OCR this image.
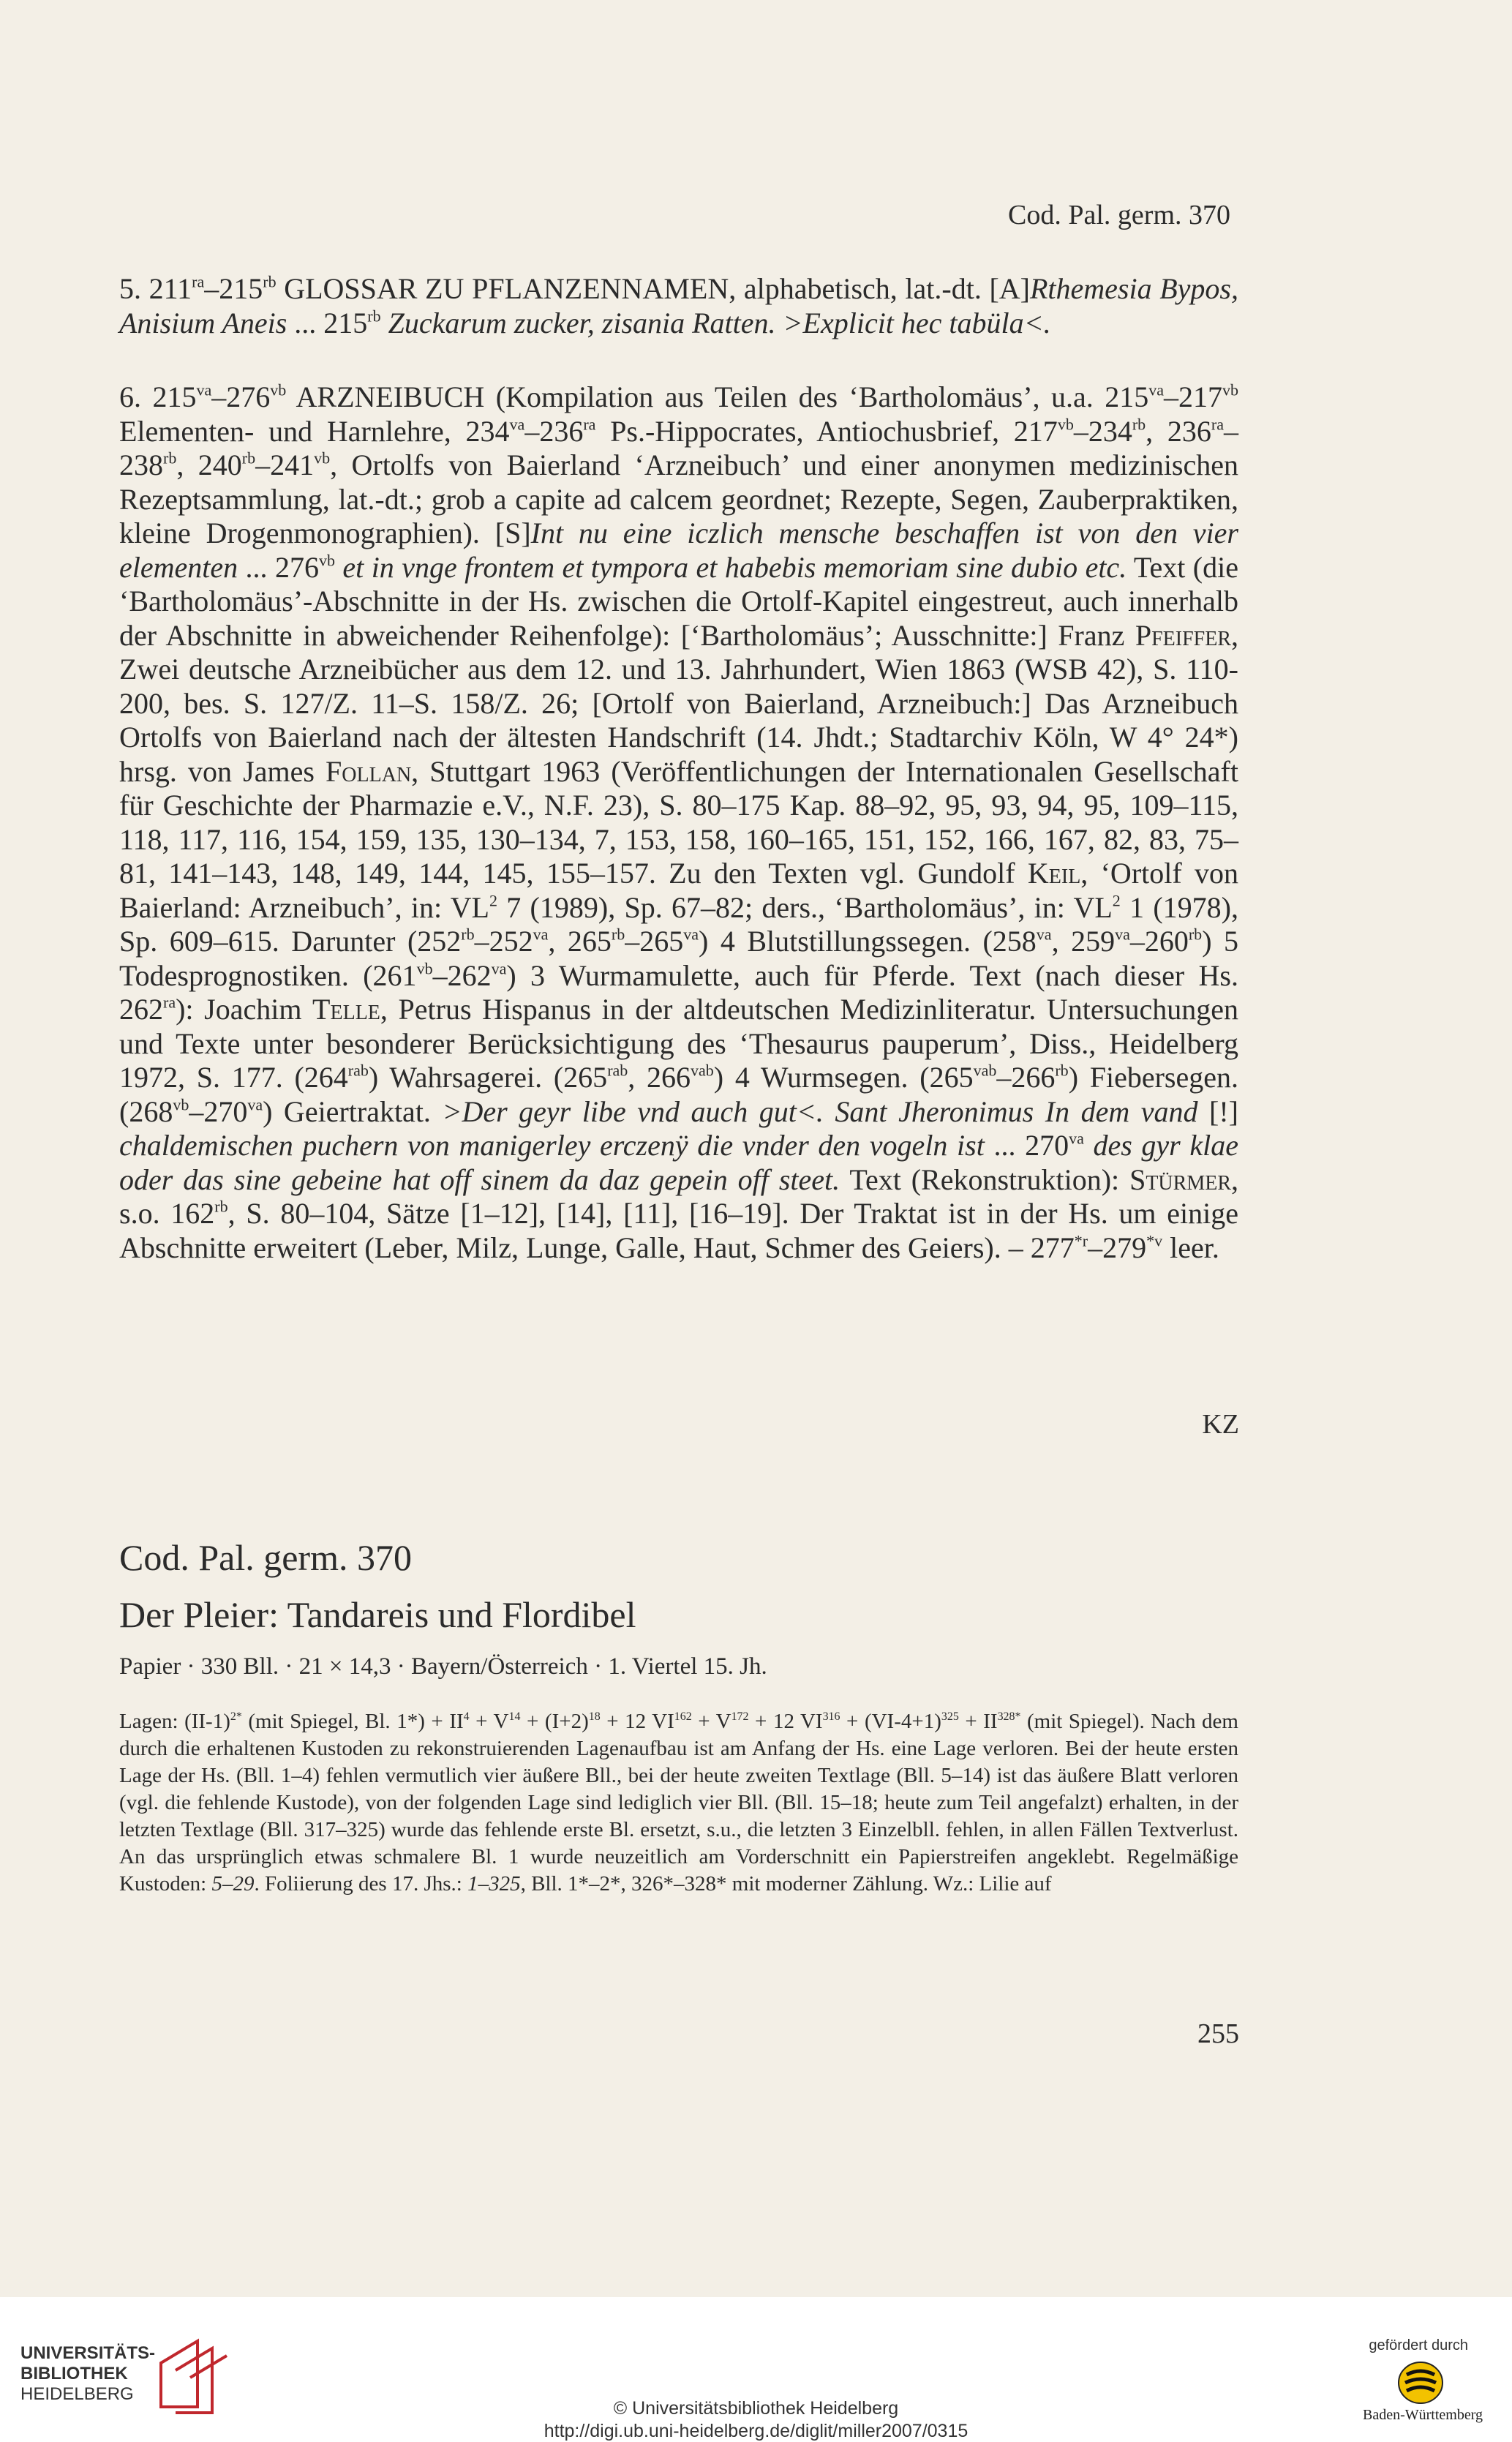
Cod. Pal. germ. 370
5. $211^{ra}-215^{rb}$ GLOSSAR ZU PFLANZENNAMEN, alphabetisch, lat.-dt. [A]Rthemesia Bypos, Anisium Aneis ... $215^{rb}$ Zuckarum zucker, zisania Ratten. >Explicit hec tabüla<.

6. $215^{va}-276^{vb}$ ARZNEIBUCH (Kompilation aus Teilen des ‘Bartholomäus’, u.a. $215^{va}-217^{vb}$ Elementen- und Harnlehre, $234^{va}-236^{ra}$ Ps.-Hippocrates, Antiochusbrief, $217^{vb}-234^{rb}$, $236^{ra}-238^{rb}$, $240^{rb}-241^{vb}$, Ortolfs von Baierland ‘Arzneibuch’ und einer anonymen medizinischen Rezeptsammlung, lat.-dt.; grob a capite ad calcem geordnet; Rezepte, Segen, Zauberpraktiken, kleine Drogenmonographien). [S]Int nu eine iczlich mensche beschaffen ist von den vier elementen ... $276^{vb}$ et in vnge frontem et tympora et habebis memoriam sine dubio etc. Text (die ‘Bartholomäus’-Abschnitte in der Hs. zwischen die Ortolf-Kapitel eingestreut, auch innerhalb der Abschnitte in abweichender Reihenfolge): [‘Bartholomäus’; Ausschnitte:] Franz Pfeiffer, Zwei deutsche Arzneibücher aus dem 12. und 13. Jahrhundert, Wien 1863 (WSB 42), S. 110-200, bes. S. 127/Z. 11–S. 158/Z. 26; [Ortolf von Baierland, Arzneibuch:] Das Arzneibuch Ortolfs von Baierland nach der ältesten Handschrift (14. Jhdt.; Stadtarchiv Köln, W 4° 24*) hrsg. von James Follan, Stuttgart 1963 (Veröffentlichungen der Internationalen Gesellschaft für Geschichte der Pharmazie e.V., N.F. 23), S. 80–175 Kap. 88–92, 95, 93, 94, 95, 109–115, 118, 117, 116, 154, 159, 135, 130–134, 7, 153, 158, 160–165, 151, 152, 166, 167, 82, 83, 75–81, 141–143, 148, 149, 144, 145, 155–157. Zu den Texten vgl. Gundolf Keil, ‘Ortolf von Baierland: Arzneibuch’, in: $VL^2$ 7 (1989), Sp. 67–82; ders., ‘Bartholomäus’, in: $VL^2$ 1 (1978), Sp. 609–615. Darunter ($252^{rb}-252^{va}$, $265^{rb}-265^{va}$) 4 Blutstillungssegen. ($258^{va}$, $259^{va}-260^{rb}$) 5 Todesprognostiken. $(261^{vb}-262^{va})$ 3 Wurmamulette, auch für Pferde. Text (nach dieser Hs. $262^{ra}$): Joachim Telle, Petrus Hispanus in der altdeutschen Medizinliteratur. Untersuchungen und Texte unter besonderer Berücksichtigung des ‘Thesaurus pauperum’, Diss., Heidelberg 1972, S. 177. $(264^{rab})$ Wahrsagerei. ($265^{rab}$, $266^{vab}$) 4 Wurmsegen. $(265^{vab}-266^{rb})$ Fiebersegen. $(268^{vb}-270^{va})$ Geiertraktat. >Der geyr libe vnd auch gut<. Sant Jheronimus In dem vand [!] chaldemischen puchern von manigerley erczenÿ die vnder den vogeln ist ... $270^{va}$ des gyr klae oder das sine gebeine hat off sinem da daz gepein off steet. Text (Rekonstruktion): Stürmer, s.o. $162^{rb}$, S. 80–104, Sätze [1–12], [14], [11], [16–19]. Der Traktat ist in der Hs. um einige Abschnitte erweitert (Leber, Milz, Lunge, Galle, Haut, Schmer des Geiers). – 277$^{*r}$–279$^{*v}$ leer.

KZ
Cod. Pal. germ. 370
Der Pleier: Tandareis und Flordibel
Papier · 330 Bll. · 21 × 14,3 · Bayern/Österreich · 1. Viertel 15. Jh.
Lagen: $(II-1)^{2*}$ (mit Spiegel, Bl. $1*) + II^4 + V^{14} + (I+2)^{18} + 12$ $VI^{162} + V^{172} + 12$ $VI^{316} + (VI-4+1)^{325} + II^{328*}$ (mit Spiegel). Nach dem durch die erhaltenen Kustoden zu rekonstruierenden Lagenaufbau ist am Anfang der Hs. eine Lage verloren. Bei der heute ersten Lage der Hs. (Bll. 1–4) fehlen vermutlich vier äußere Bll., bei der heute zweiten Textlage (Bll. 5–14) ist das äußere Blatt verloren (vgl. die fehlende Kustode), von der folgenden Lage sind lediglich vier Bll. (Bll. 15–18; heute zum Teil angefalzt) erhalten, in der letzten Textlage (Bll. 317–325) wurde das fehlende erste Bl. ersetzt, s.u., die letzten 3 Einzelbll. fehlen, in allen Fällen Textverlust. An das ursprünglich etwas schmalere Bl. 1 wurde neuzeitlich am Vorderschnitt ein Papierstreifen angeklebt. Regelmäßige Kustoden: 5–29. Foliierung des 17. Jhs.: 1–325, Bll. 1*–2*, 326*–328* mit moderner Zählung. Wz.: Lilie auf
255
UNIVERSITÄTS-
BIBLIOTHEK
HEIDELBERG
© Universitätsbibliothek Heidelberg
http://digi.ub.uni-heidelberg.de/diglit/miller2007/0315
gefördert durch
Baden-Württemberg
